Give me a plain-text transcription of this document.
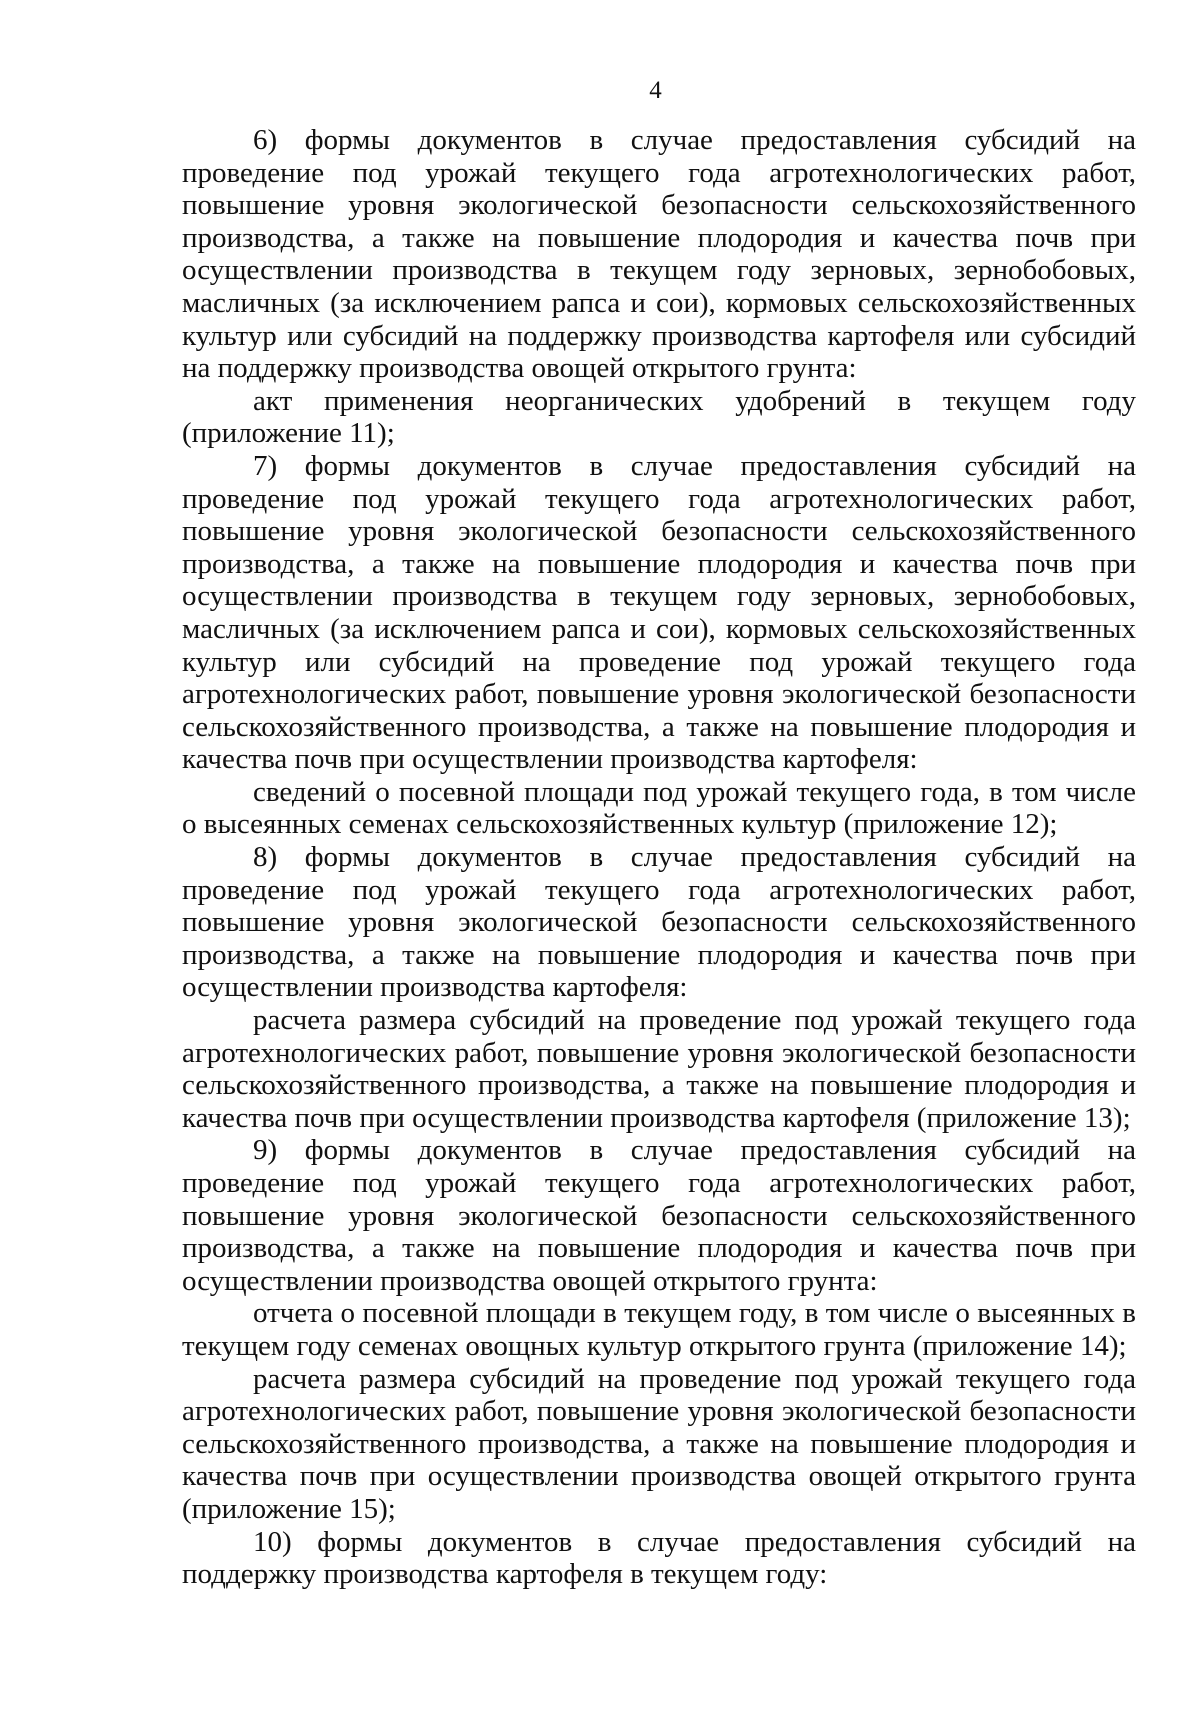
4

6) формы документов в случае предоставления субсидий на проведение под урожай текущего года агротехнологических работ, повышение уровня экологической безопасности сельскохозяйственного производства, а также на повышение плодородия и качества почв при осуществлении производства в текущем году зерновых, зернобобовых, масличных (за исключением рапса и сои), кормовых сельскохозяйственных культур или субсидий на поддержку производства картофеля или субсидий на поддержку производства овощей открытого грунта:

акт применения неорганических удобрений в текущем году (приложение 11);

7) формы документов в случае предоставления субсидий на проведение под урожай текущего года агротехнологических работ, повышение уровня экологической безопасности сельскохозяйственного производства, а также на повышение плодородия и качества почв при осуществлении производства в текущем году зерновых, зернобобовых, масличных (за исключением рапса и сои), кормовых сельскохозяйственных культур или субсидий на проведение под урожай текущего года агротехнологических работ, повышение уровня экологической безопасности сельскохозяйственного производства, а также на повышение плодородия и качества почв при осуществлении производства картофеля:

сведений о посевной площади под урожай текущего года, в том числе о высеянных семенах сельскохозяйственных культур (приложение 12);

8) формы документов в случае предоставления субсидий на проведение под урожай текущего года агротехнологических работ, повышение уровня экологической безопасности сельскохозяйственного производства, а также на повышение плодородия и качества почв при осуществлении производства картофеля:

расчета размера субсидий на проведение под урожай текущего года агротехнологических работ, повышение уровня экологической безопасности сельскохозяйственного производства, а также на повышение плодородия и качества почв при осуществлении производства картофеля (приложение 13);

9) формы документов в случае предоставления субсидий на проведение под урожай текущего года агротехнологических работ, повышение уровня экологической безопасности сельскохозяйственного производства, а также на повышение плодородия и качества почв при осуществлении производства овощей открытого грунта:

отчета о посевной площади в текущем году, в том числе о высеянных в текущем году семенах овощных культур открытого грунта (приложение 14);

расчета размера субсидий на проведение под урожай текущего года агротехнологических работ, повышение уровня экологической безопасности сельскохозяйственного производства, а также на повышение плодородия и качества почв при осуществлении производства овощей открытого грунта (приложение 15);

10) формы документов в случае предоставления субсидий на поддержку производства картофеля в текущем году:
